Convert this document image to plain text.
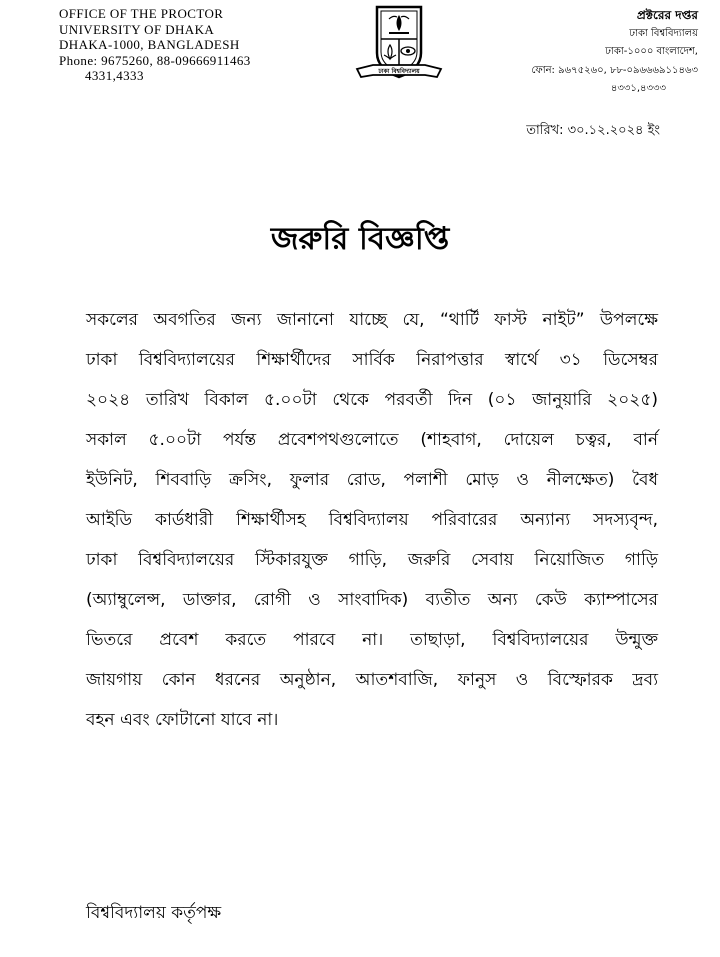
OFFICE OF THE PROCTOR
UNIVERSITY OF DHAKA
DHAKA-1000, BANGLADESH
Phone: 9675260, 88-09666911463
4331,4333	ঢাকা বিশ্ববিদ্যালয়
প্রক্টরের দপ্তর
ঢাকা বিশ্ববিদ্যালয়
ঢাকা-১০০০ বাংলাদেশ,
ফোন: ৯৬৭৫২৬০, ৮৮-০৯৬৬৬৯১১৪৬৩
৪৩৩১,৪৩৩৩
তারিখ: ৩০.১২.২০২৪ ইং
জরুরি বিজ্ঞপ্তি
সকলের অবগতির জন্য জানানো যাচ্ছে যে, “থার্টি ফাস্ট নাইট” উপলক্ষে
ঢাকা বিশ্ববিদ্যালয়ের শিক্ষার্থীদের সার্বিক নিরাপত্তার স্বার্থে ৩১ ডিসেম্বর
২০২৪ তারিখ বিকাল ৫.০০টা থেকে পরবর্তী দিন (০১ জানুয়ারি ২০২৫)
সকাল ৫.০০টা পর্যন্ত প্রবেশপথগুলোতে (শাহবাগ, দোয়েল চত্বর, বার্ন
ইউনিট, শিববাড়ি ক্রসিং, ফুলার রোড, পলাশী মোড় ও নীলক্ষেত) বৈধ
আইডি কার্ডধারী শিক্ষার্থীসহ বিশ্ববিদ্যালয় পরিবারের অন্যান্য সদস্যবৃন্দ,
ঢাকা বিশ্ববিদ্যালয়ের স্টিকারযুক্ত গাড়ি, জরুরি সেবায় নিয়োজিত গাড়ি
(অ্যাম্বুলেন্স, ডাক্তার, রোগী ও সাংবাদিক) ব্যতীত অন্য কেউ ক্যাম্পাসের
ভিতরে প্রবেশ করতে পারবে না। তাছাড়া, বিশ্ববিদ্যালয়ের উন্মুক্ত
জায়গায় কোন ধরনের অনুষ্ঠান, আতশবাজি, ফানুস ও বিস্ফোরক দ্রব্য
বহন এবং ফোটানো যাবে না।
বিশ্ববিদ্যালয় কর্তৃপক্ষ
